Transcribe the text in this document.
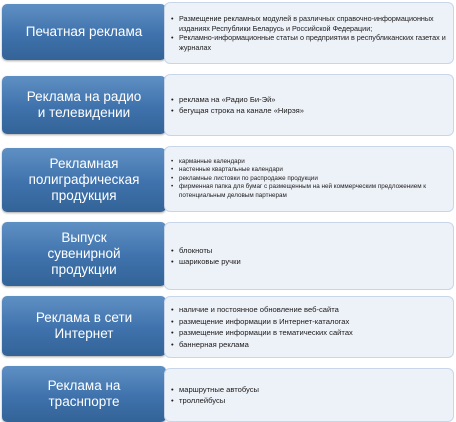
Печатная реклама
• Размещение рекламных модулей в различных справочно-информационных изданиях Республики Беларусь и Российской Федерации;
• Рекламно-информационные статьи о предприятии в республиканских газетах и журналах
Реклама на радио
и телевидении
• реклама на «Радио Би-Эй»
• бегущая строка на канале «Нирэя»
Рекламная
полиграфическая
продукция
• карманные календари
• настенные квартальные календари
• рекламные листовки по распродаже продукции
• фирменная папка для бумаг с размещенным на ней коммерческим предложением к потенциальным деловым партнерам
Выпуск
сувенирной
продукции
• блокноты
• шариковые ручки
Реклама в сети
Интернет
• наличие и постоянное обновление веб-сайта
• размещение информации в Интернет-каталогах
• размещение информации в тематических сайтах
• баннерная реклама
Реклама на
траснпорте
• маршрутные автобусы
• троллейбусы
